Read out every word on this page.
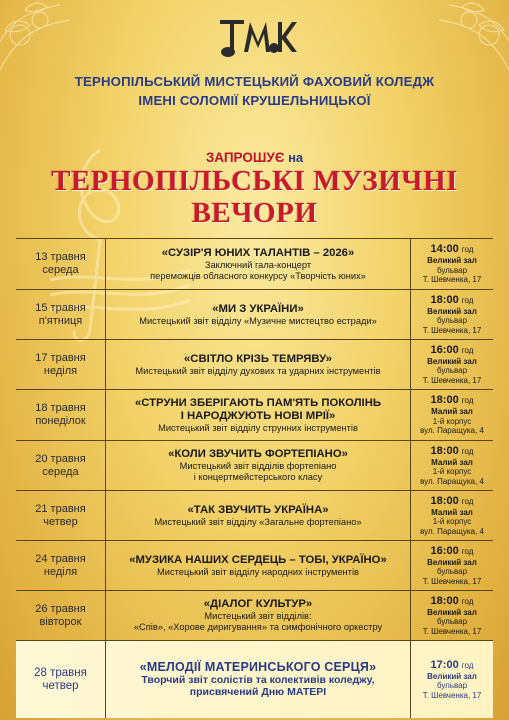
ТЕРНОПІЛЬСЬКИЙ МИСТЕЦЬКИЙ ФАХОВИЙ КОЛЕДЖ
ІМЕНІ СОЛОМІЇ КРУШЕЛЬНИЦЬКОЇ
ЗАПРОШУЄ на
ТЕРНОПІЛЬСЬКІ МУЗИЧНІ
ВЕЧОРИ
13 травня
середа
«СУЗІР'Я ЮНИХ ТАЛАНТІВ – 2026»
Заключний гала-концерт
переможців обласного конкурсу «Творчість юних»
14:00 год
Великий зал
бульвар
Т. Шевченка, 17
15 травня
п'ятниця
«МИ З УКРАЇНИ»
Мистецький звіт відділу «Музичне мистецтво естради»
18:00 год
Великий зал
бульвар
Т. Шевченка, 17
17 травня
неділя
«СВІТЛО КРІЗЬ ТЕМРЯВУ»
Мистецький звіт відділу духових та ударних інструментів
16:00 год
Великий зал
бульвар
Т. Шевченка, 17
18 травня
понеділок
«СТРУНИ ЗБЕРІГАЮТЬ ПАМ'ЯТЬ ПОКОЛІНЬ
І НАРОДЖУЮТЬ НОВІ МРІЇ»
Мистецький звіт відділу струнних інструментів
18:00 год
Малий зал
1-й корпус
вул. Паращука, 4
20 травня
середа
«КОЛИ ЗВУЧИТЬ ФОРТЕПІАНО»
Мистецький звіт відділів фортепіано
і концертмейстерського класу
18:00 год
Малий зал
1-й корпус
вул. Паращука, 4
21 травня
четвер
«ТАК ЗВУЧИТЬ УКРАЇНА»
Мистецький звіт відділу «Загальне фортепіано»
18:00 год
Малий зал
1-й корпус
вул. Паращука, 4
24 травня
неділя
«МУЗИКА НАШИХ СЕРДЕЦЬ – ТОБІ, УКРАЇНО»
Мистецький звіт відділу народних інструментів
16:00 год
Великий зал
бульвар
Т. Шевченка, 17
26 травня
вівторок
«ДІАЛОГ КУЛЬТУР»
Мистецький звіт відділів:
«Спів», «Хорове диригування» та симфонічного оркестру
18:00 год
Великий зал
бульвар
Т. Шевченка, 17
28 травня
четвер
«МЕЛОДІЇ МАТЕРИНСЬКОГО СЕРЦЯ»
Творчий звіт солістів та колективів коледжу,
присвячений Дню МАТЕРІ
17:00 год
Великий зал
бульвар
Т. Шевченка, 17
